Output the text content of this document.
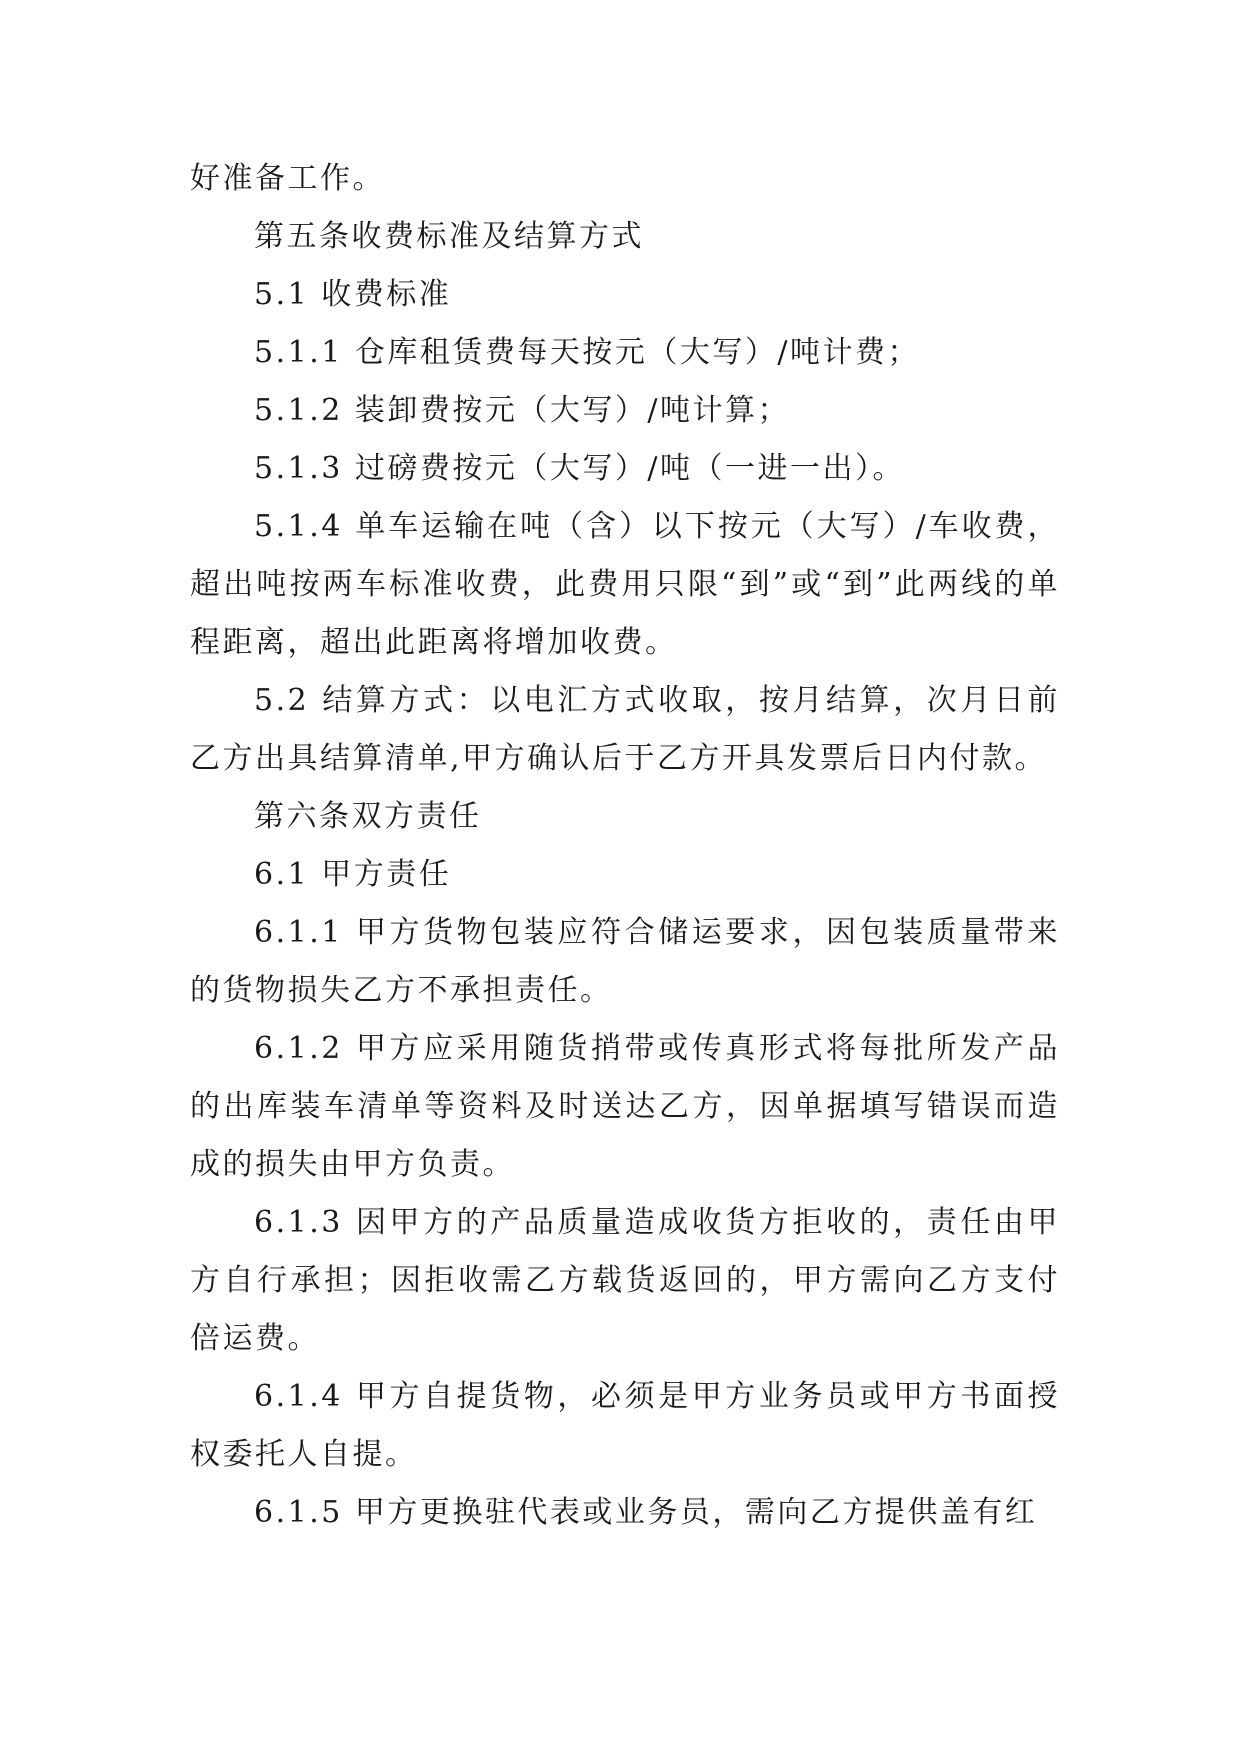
好准备工作。

第五条收费标准及结算方式

5.1 收费标准

5.1.1 仓库租赁费每天按元（大写）/吨计费；

5.1.2 装卸费按元（大写）/吨计算；

5.1.3 过磅费按元（大写）/吨（一进一出）。

5.1.4 单车运输在吨（含）以下按元（大写）/车收费，超出吨按两车标准收费，此费用只限“到”或“到”此两线的单程距离，超出此距离将增加收费。

5.2 结算方式：以电汇方式收取，按月结算，次月日前乙方出具结算清单,甲方确认后于乙方开具发票后日内付款。

第六条双方责任

6.1 甲方责任

6.1.1 甲方货物包装应符合储运要求，因包装质量带来的货物损失乙方不承担责任。

6.1.2 甲方应采用随货捎带或传真形式将每批所发产品的出库装车清单等资料及时送达乙方，因单据填写错误而造成的损失由甲方负责。

6.1.3 因甲方的产品质量造成收货方拒收的，责任由甲方自行承担；因拒收需乙方载货返回的，甲方需向乙方支付倍运费。

6.1.4 甲方自提货物，必须是甲方业务员或甲方书面授权委托人自提。

6.1.5 甲方更换驻代表或业务员，需向乙方提供盖有红
